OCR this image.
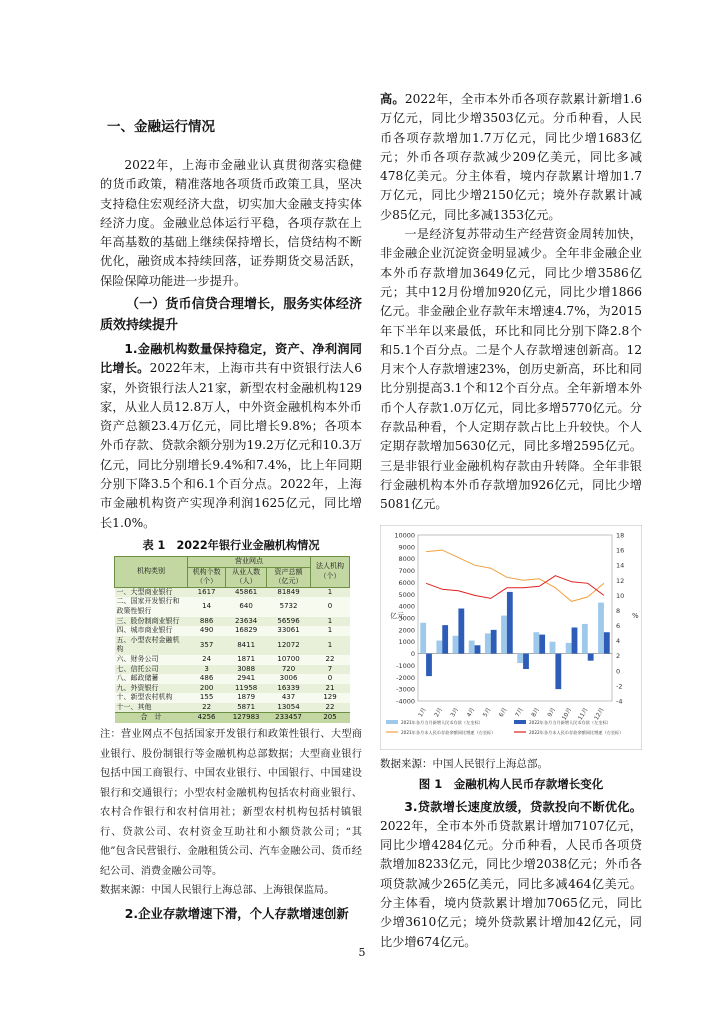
一、金融运行情况

2022年，上海市金融业认真贯彻落实稳健的货币政策，精准落地各项货币政策工具，坚决支持稳住宏观经济大盘，切实加大金融支持实体经济力度。金融业总体运行平稳，各项存款在上年高基数的基础上继续保持增长，信贷结构不断优化，融资成本持续回落，证券期货交易活跃，保险保障功能进一步提升。

（一）货币信贷合理增长，服务实体经济质效持续提升

1.金融机构数量保持稳定，资产、净利润同比增长。2022年末，上海市共有中资银行法人6家，外资银行法人21家，新型农村金融机构129家，从业人员12.8万人，中外资金融机构本外币资产总额23.4万亿元，同比增长9.8%；各项本外币存款、贷款余额分别为19.2万亿元和10.3万亿元，同比分别增长9.4%和7.4%，比上年同期分别下降3.5个和6.1个百分点。2022年，上海市金融机构资产实现净利润1625亿元，同比增长1.0%。

表 1　2022年银行业金融机构情况
机构类别	营业网点			法人机构（个）
	机构个数（个）	从业人数（人）	资产总额（亿元）	
一、大型商业银行	1617	45861	81849	1
二、国家开发银行和政策性银行	14	640	5732	0
三、股份制商业银行	886	23634	56596	1
四、城市商业银行	490	16829	33061	1
五、小型农村金融机构	357	8411	12072	1
六、财务公司	24	1871	10700	22
七、信托公司	3	3088	720	7
八、邮政储蓄	486	2941	3006	0
九、外资银行	200	11958	16339	21
十、新型农村机构	155	1879	437	129
十一、其他	22	5871	13054	22
合　计	4256	127983	233457	205

注：营业网点不包括国家开发银行和政策性银行、大型商业银行、股份制银行等金融机构总部数据；大型商业银行包括中国工商银行、中国农业银行、中国银行、中国建设银行和交通银行；小型农村金融机构包括农村商业银行、农村合作银行和农村信用社；新型农村机构包括村镇银行、贷款公司、农村资金互助社和小额贷款公司；“其他”包含民营银行、金融租赁公司、汽车金融公司、货币经纪公司、消费金融公司等。

数据来源：中国人民银行上海总部、上海银保监局。

2.企业存款增速下滑，个人存款增速创新

高。2022年，全市本外币各项存款累计新增1.6万亿元，同比少增3503亿元。分币种看，人民币各项存款增加1.7万亿元，同比少增1683亿元；外币各项存款减少209亿美元，同比多减478亿美元。分主体看，境内存款累计增加1.7万亿元，同比少增2150亿元；境外存款累计减少85亿元，同比多减1353亿元。

一是经济复苏带动生产经营资金周转加快，非金融企业沉淀资金明显减少。全年非金融企业本外币存款增加3649亿元，同比少增3586亿元；其中12月份增加920亿元，同比少增1866亿元。非金融企业存款年末增速4.7%，为2015年下半年以来最低，环比和同比分别下降2.8个和5.1个百分点。二是个人存款增速创新高。12月末个人存款增速23%，创历史新高，环比和同比分别提高3.1个和12个百分点。全年新增本外币个人存款1.0万亿元，同比多增5770亿元。分存款品种看，个人定期存款占比上升较快。个人定期存款增加5630亿元，同比多增2595亿元。三是非银行业金融机构存款由升转降。全年非银行金融机构本外币存款增加926亿元，同比少增5081亿元。

10000
9000
8000
7000
6000
5000
4000
3000
2000
1000
0
-1000
-2000
-3000
-4000
18
16
14
12
10
8
6
4
2
0
-2
-4
亿元	%
1月 2月 3月 4月 5月 6月 7月 8月 9月 10月 11月 12月
2021年各月当月新增人民币存款（左坐标）	2022年各月当月新增人民币存款（左坐标）
2021年各月末人民币存款余额同比增速（右坐标）	2022年各月末人民币存款余额同比增速（右坐标）

数据来源：中国人民银行上海总部。

图 1　金融机构人民币存款增长变化

3.贷款增长速度放缓，贷款投向不断优化。2022年，全市本外币贷款累计增加7107亿元，同比少增4284亿元。分币种看，人民币各项贷款增加8233亿元，同比少增2038亿元；外币各项贷款减少265亿美元，同比多减464亿美元。分主体看，境内贷款累计增加7065亿元，同比少增3610亿元；境外贷款累计增加42亿元，同比少增674亿元。

5
